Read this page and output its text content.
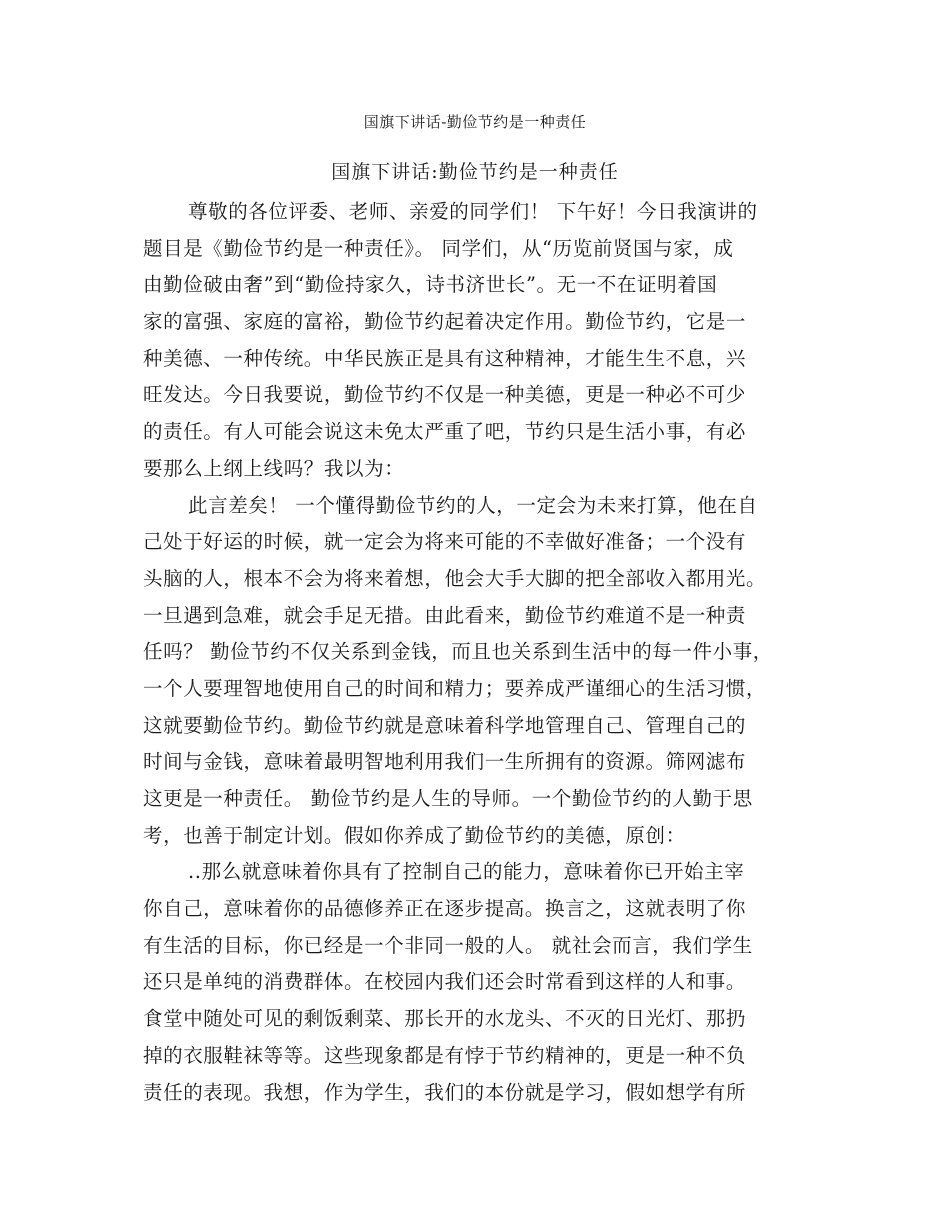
国旗下讲话-勤俭节约是一种责任
国旗下讲话:勤俭节约是一种责任
尊敬的各位评委、老师、亲爱的同学们！ 下午好！今日我演讲的
题目是《勤俭节约是一种责任》。 同学们，从“历览前贤国与家，成
由勤俭破由奢”到“勤俭持家久，诗书济世长”。无一不在证明着国
家的富强、家庭的富裕，勤俭节约起着决定作用。勤俭节约，它是一
种美德、一种传统。中华民族正是具有这种精神，才能生生不息，兴
旺发达。今日我要说，勤俭节约不仅是一种美德，更是一种必不可少
的责任。有人可能会说这未免太严重了吧，节约只是生活小事，有必
要那么上纲上线吗？我以为：
此言差矣！ 一个懂得勤俭节约的人，一定会为未来打算，他在自
己处于好运的时候，就一定会为将来可能的不幸做好准备；一个没有
头脑的人，根本不会为将来着想，他会大手大脚的把全部收入都用光。
一旦遇到急难，就会手足无措。由此看来，勤俭节约难道不是一种责
任吗？ 勤俭节约不仅关系到金钱，而且也关系到生活中的每一件小事，
一个人要理智地使用自己的时间和精力；要养成严谨细心的生活习惯，
这就要勤俭节约。勤俭节约就是意味着科学地管理自己、管理自己的
时间与金钱，意味着最明智地利用我们一生所拥有的资源。筛网滤布
这更是一种责任。 勤俭节约是人生的导师。一个勤俭节约的人勤于思
考，也善于制定计划。假如你养成了勤俭节约的美德，原创：
..那么就意味着你具有了控制自己的能力，意味着你已开始主宰
你自己，意味着你的品德修养正在逐步提高。换言之，这就表明了你
有生活的目标，你已经是一个非同一般的人。 就社会而言，我们学生
还只是单纯的消费群体。在校园内我们还会时常看到这样的人和事。
食堂中随处可见的剩饭剩菜、那长开的水龙头、不灭的日光灯、那扔
掉的衣服鞋袜等等。这些现象都是有悖于节约精神的，更是一种不负
责任的表现。我想，作为学生，我们的本份就是学习，假如想学有所
